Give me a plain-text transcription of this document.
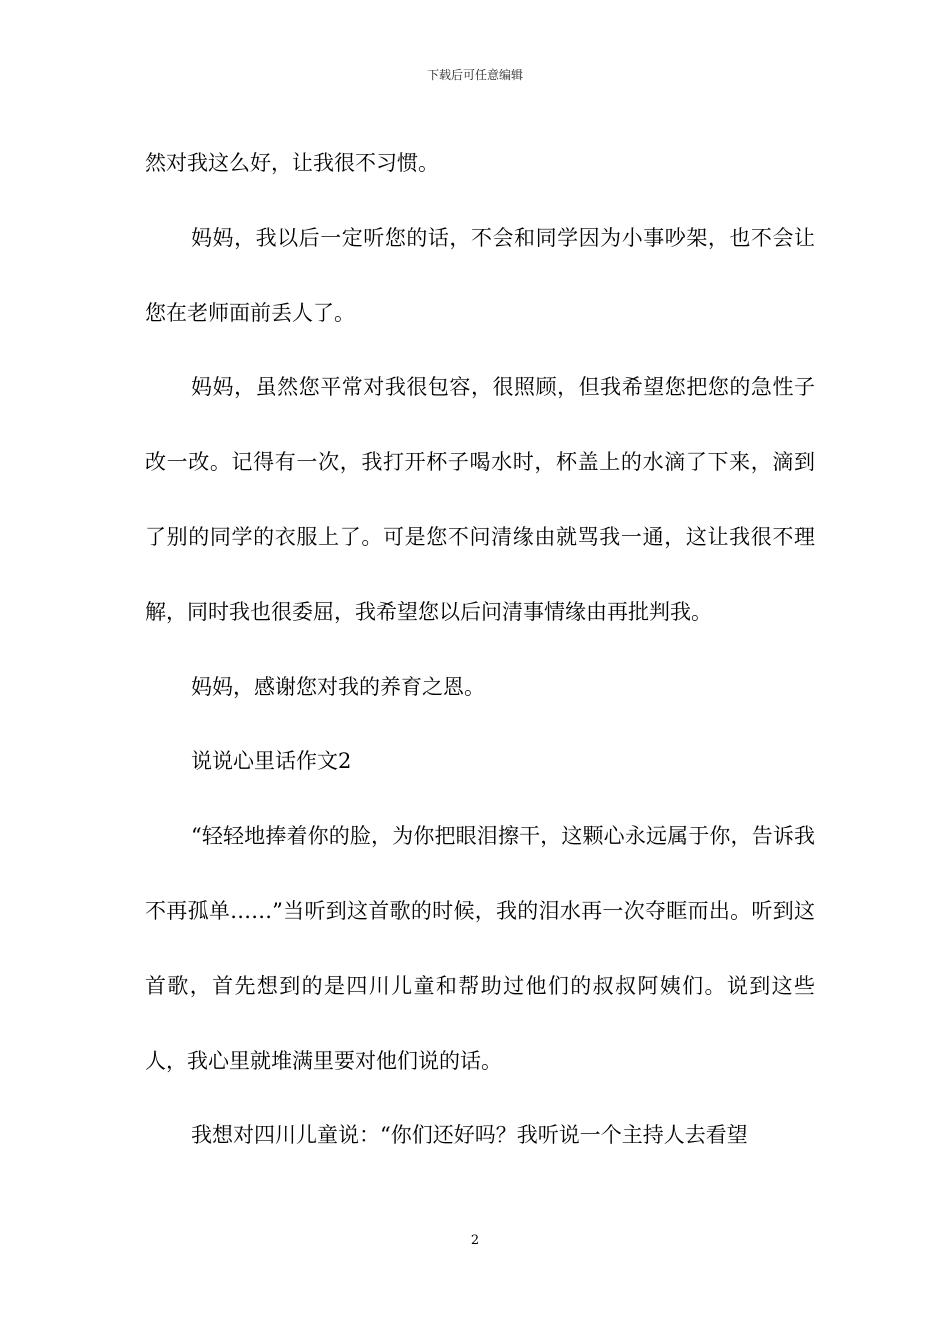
下载后可任意编辑

然对我这么好，让我很不习惯。

妈妈，我以后一定听您的话，不会和同学因为小事吵架，也不会让您在老师面前丢人了。

妈妈，虽然您平常对我很包容，很照顾，但我希望您把您的急性子改一改。记得有一次，我打开杯子喝水时，杯盖上的水滴了下来，滴到了别的同学的衣服上了。可是您不问清缘由就骂我一通，这让我很不理解，同时我也很委屈，我希望您以后问清事情缘由再批判我。

妈妈，感谢您对我的养育之恩。

说说心里话作文2

“轻轻地捧着你的脸，为你把眼泪擦干，这颗心永远属于你，告诉我不再孤单……”当听到这首歌的时候，我的泪水再一次夺眶而出。听到这首歌，首先想到的是四川儿童和帮助过他们的叔叔阿姨们。说到这些人，我心里就堆满里要对他们说的话。

我想对四川儿童说：“你们还好吗？我听说一个主持人去看望

2
